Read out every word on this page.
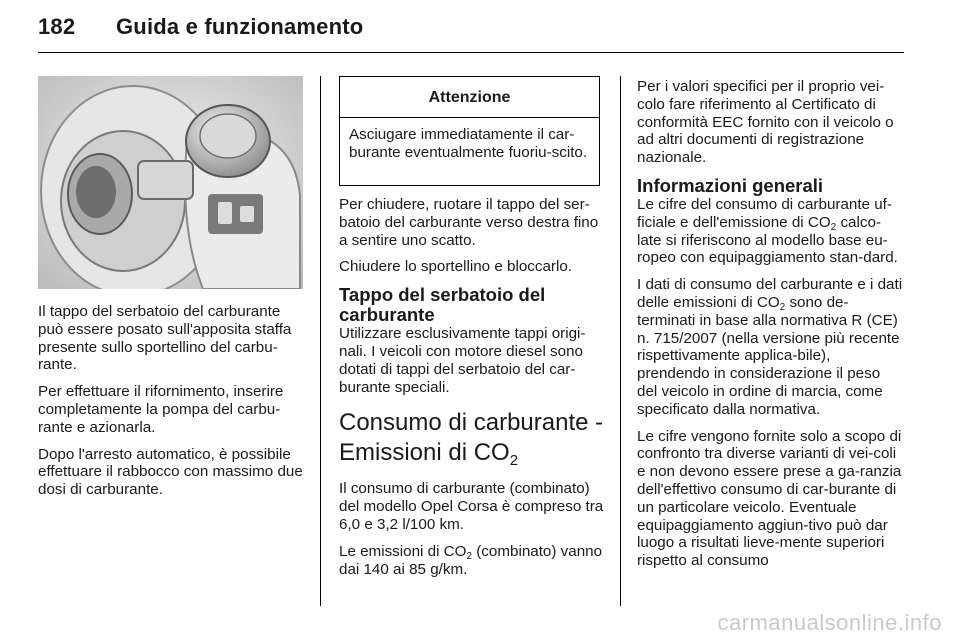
182 Guida e funzionamento

Il tappo del serbatoio del carburante può essere posato sull'apposita staffa presente sullo sportellino del carbu-rante.

Per effettuare il rifornimento, inserire completamente la pompa del carbu-rante e azionarla.

Dopo l'arresto automatico, è possibile effettuare il rabbocco con massimo due dosi di carburante.

Attenzione
Asciugare immediatamente il car-burante eventualmente fuoriu-scito.

Per chiudere, ruotare il tappo del ser-batoio del carburante verso destra fino a sentire uno scatto.

Chiudere lo sportellino e bloccarlo.

Tappo del serbatoio del carburante

Utilizzare esclusivamente tappi origi-nali. I veicoli con motore diesel sono dotati di tappi del serbatoio del car-burante speciali.

Consumo di carburante - Emissioni di $CO_2$

Il consumo di carburante (combinato) del modello Opel Corsa è compreso tra 6,0 e 3,2 l/100 km.

Le emissioni di $CO_2$ (combinato) vanno dai 140 ai 85 g/km.

Per i valori specifici per il proprio vei-colo fare riferimento al Certificato di conformità EEC fornito con il veicolo o ad altri documenti di registrazione nazionale.

Informazioni generali

Le cifre del consumo di carburante uf-ficiale e dell'emissione di $CO_2$ calco-late si riferiscono al modello base eu-ropeo con equipaggiamento stan-dard.

I dati di consumo del carburante e i dati delle emissioni di $CO_2$ sono de-terminati in base alla normativa R (CE) n. 715/2007 (nella versione più recente rispettivamente applica-bile), prendendo in considerazione il peso del veicolo in ordine di marcia, come specificato dalla normativa.

Le cifre vengono fornite solo a scopo di confronto tra diverse varianti di vei-coli e non devono essere prese a ga-ranzia dell'effettivo consumo di car-burante di un particolare veicolo. Eventuale equipaggiamento aggiun-tivo può dar luogo a risultati lieve-mente superiori rispetto al consumo

carmanualsonline.info
